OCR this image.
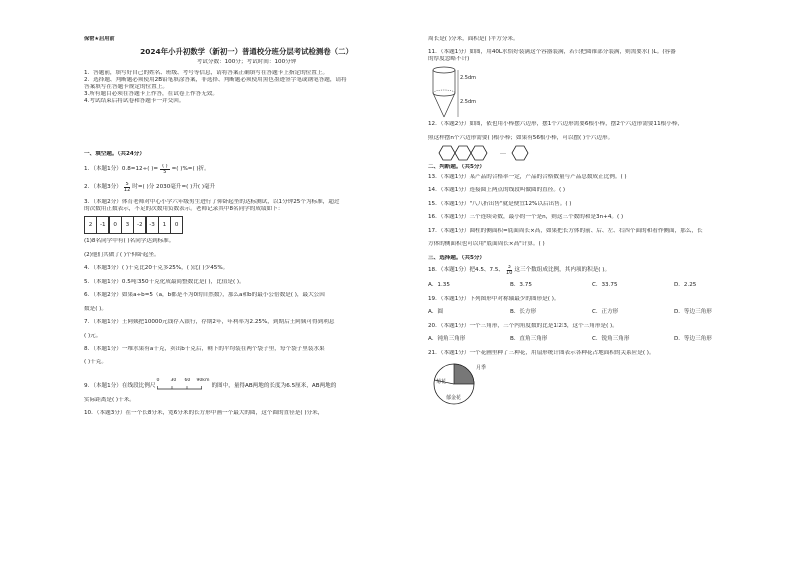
保密★启用前
2024年小升初数学（新初一）普通校分班分层考试检测卷（二）
考试分数：100分；考试时间：100分钟
1．答题前，填写好自己的姓名、班级、考号等信息，请将答案正确填写在答题卡上指定的位置上。
2．选择题、判断题必须使用2B铅笔填涂答案，非选择、判断题必须使用黑色墨迹签字笔或钢笔答题，请将
答案填写在答题卡规定的位置上。
3.所有题目必须在答题卡上作答，在试卷上作答无效。
4.考试结束后将试卷和答题卡一并交回。
一、填空题。（共24分）
1．（本题1分）0.8=12÷( )= ( )
5 =( )%=( )折。
2．（本题3分） $\frac{5}{12}$ 时=( )分 2030毫升=( )升( )毫升
3．（本题2分）体育老师对中心小学六年级男生进行了仰卧起坐的达标测试，以1分钟25个为标准，超过
的次数用正数表示，不足的次数用负数表示。老师记录其中8名同学的成绩如下：
2	-1	0	3	-2	-3	1	0
(1)8名同学中有( )名同学达到标准。
(2)他们共做了( )个仰卧起坐。
4．（本题3分）( )千克比20千克多25%，( )比( )少45%。
5．（本题1分）0.5吨∶350千克化成最简整数比是( )，比值是( )。
6．（本题2分）如果a÷b=5（a，b都是不为0的自然数），那么a和b的最小公倍数是( )，最大公因
数是( )。
7．（本题1分）王阿姨把10000元钱存入银行，存期2年，年利率为2.25%，到期后王阿姨可得到利息
( )元。
8．（本题1分）一堆水果有a千克，卖出b千克后，剩下的平均装在两个袋子里，每个袋子里装水果
( )千克。
9．（本题1分）在线段比例尺
0 30 60 90km
的图中，量得AB两地的长度为6.5厘米，AB两地的
实际距离是( )千米。
10．（本题3分）在一个长8分米，宽6分米的长方形中画一个最大的圆，这个圆的直径是( )分米，
周长是( )分米，面积是( )平方分米。
11．（本题1分）如图，用40L水恰好装满这个容器装满，若只把圆锥部分装满，则需要水( )L。(容器
的厚度忽略不计)
2.5dm
2.5dm
12．（本题2分）如图，依也用小棒摆六边形，摆1个六边形需要6根小棒，摆2个六边形需要11根小棒，
照这样摆n个六边形需要( )根小棒；如果有56根小棒，可以摆( )个六边形。
…
二、判断题。（共5分）
13．（本题1分）某产品的合格率一定，产品的合格数量与产品总数成正比例。( )
14．（本题1分）连接圆上两点的线段叫做圆的直径。( )
15．（本题1分）"八八折出售"就是便宜12%以后出售。( )
16．（本题1分）三个连续奇数，最小的一个是n，则这三个数的和是3n+4。( )
17．（本题1分）圆柱的侧面积=底面周长×高，如果把长方体的前、后、左、右四个面的和看作侧面，那么，长
方体的侧面积也可以用"底面周长×高"计算。( )
三、选择题。（共5分）
18．（本题1分）把4.5、7.5、 $\frac{3}{10}$ 这三个数组成比例，其内项的积是( )。
A．1.35	B．3.75	C．33.75	D．2.25
19．（本题1分）下列图形中对称轴最少的图形是( )。
A．圆	B．长方形	C．正方形	D．等边三角形
20．（本题1分）一个三角形，三个内角度数的比是1∶2∶3，这个三角形是( )。
A．钝角三角形	B．直角三角形	C．锐角三角形	D．等边三角形
21．（本题1分）一个花圃里种了三种花，用扇形统计图表示各种花占地面积的关系应是( )。
月季
菊花
郁金花
